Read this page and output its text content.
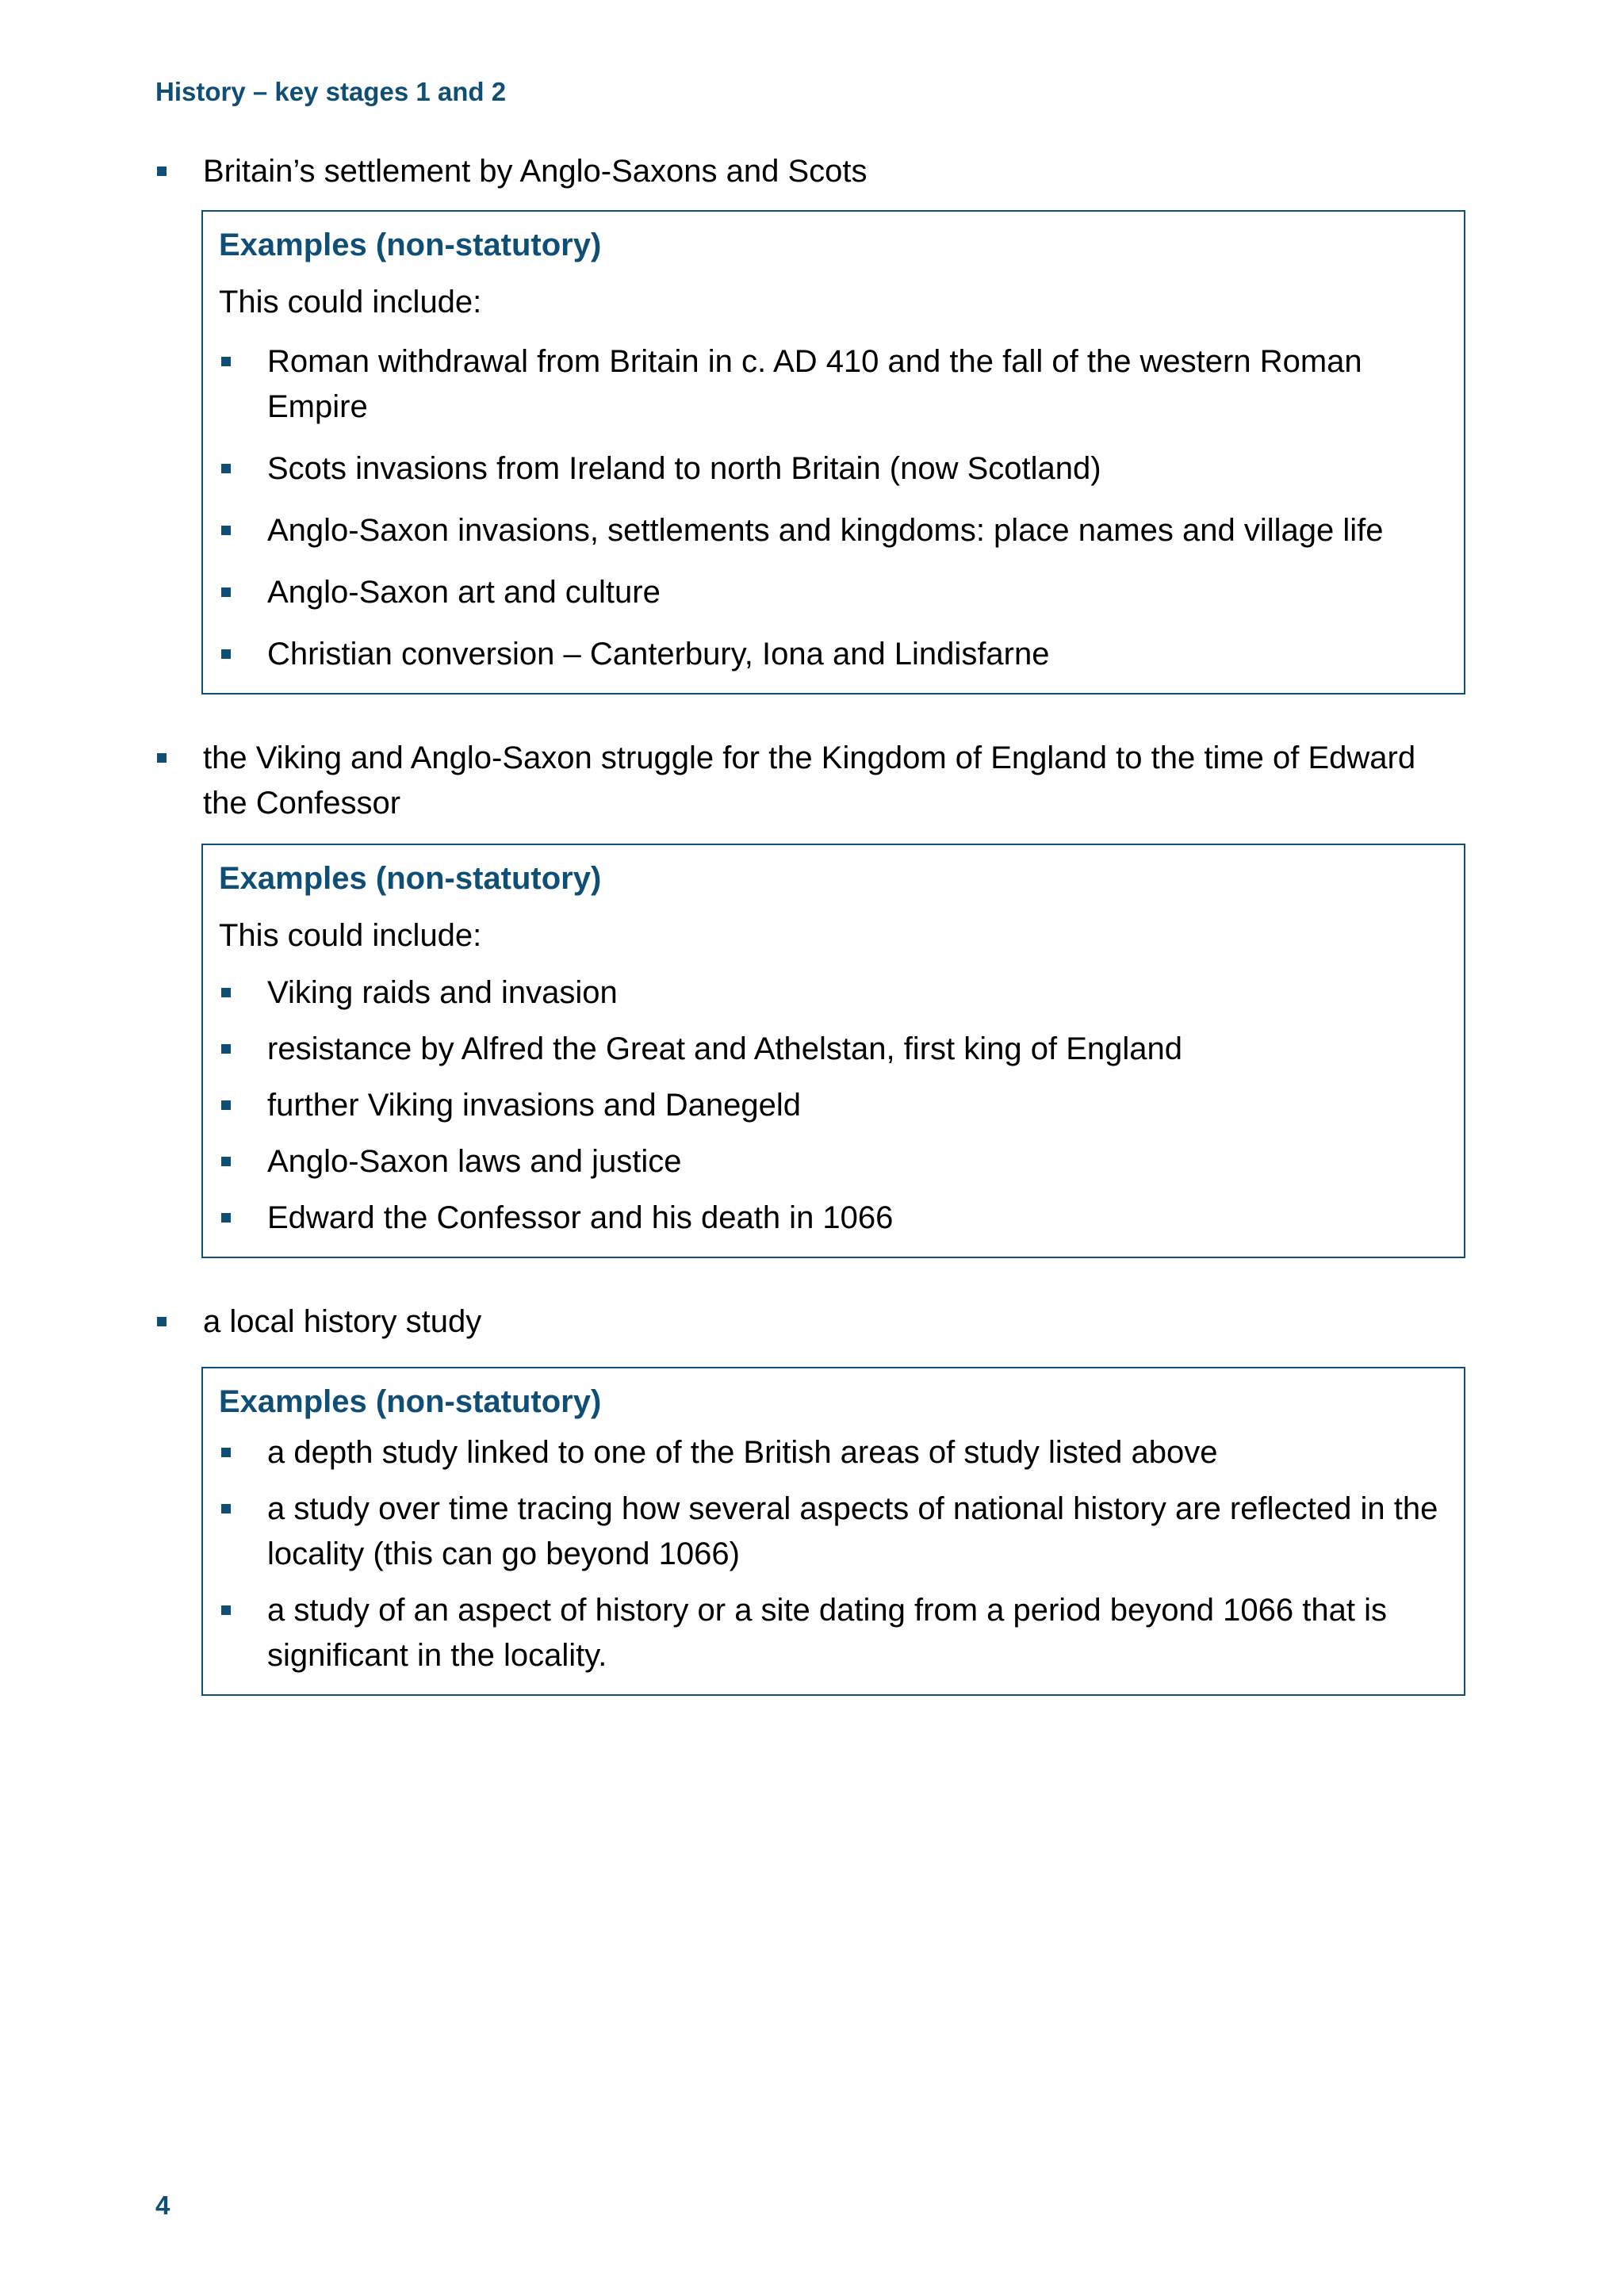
History – key stages 1 and 2
Britain’s settlement by Anglo-Saxons and Scots
Examples (non-statutory)
This could include:
Roman withdrawal from Britain in c. AD 410 and the fall of the western Roman Empire
Scots invasions from Ireland to north Britain (now Scotland)
Anglo-Saxon invasions, settlements and kingdoms: place names and village life
Anglo-Saxon art and culture
Christian conversion – Canterbury, Iona and Lindisfarne
the Viking and Anglo-Saxon struggle for the Kingdom of England to the time of Edward the Confessor
Examples (non-statutory)
This could include:
Viking raids and invasion
resistance by Alfred the Great and Athelstan, first king of England
further Viking invasions and Danegeld
Anglo-Saxon laws and justice
Edward the Confessor and his death in 1066
a local history study
Examples (non-statutory)
a depth study linked to one of the British areas of study listed above
a study over time tracing how several aspects of national history are reflected in the locality (this can go beyond 1066)
a study of an aspect of history or a site dating from a period beyond 1066 that is significant in the locality.
4
